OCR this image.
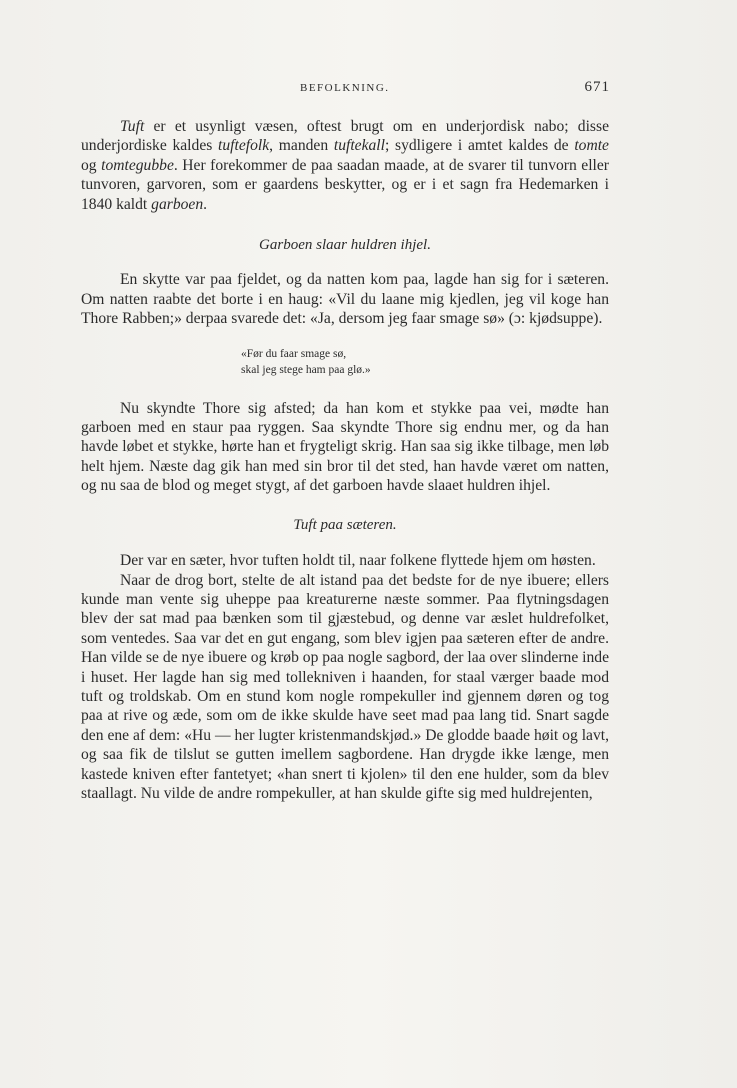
BEFOLKNING.	671

Tuft er et usynligt væsen, oftest brugt om en underjordisk nabo; disse underjordiske kaldes tuftefolk, manden tuftekall; sydligere i amtet kaldes de tomte og tomtegubbe. Her forekommer de paa saadan maade, at de svarer til tunvorn eller tunvoren, garvoren, som er gaardens beskytter, og er i et sagn fra Hedemarken i 1840 kaldt garboen.

Garboen slaar huldren ihjel.

En skytte var paa fjeldet, og da natten kom paa, lagde han sig for i sæteren. Om natten raabte det borte i en haug: «Vil du laane mig kjedlen, jeg vil koge han Thore Rabben;» derpaa svarede det: «Ja, dersom jeg faar smage sø» (ɔ: kjødsuppe).

«Før du faar smage sø,
skal jeg stege ham paa glø.»

Nu skyndte Thore sig afsted; da han kom et stykke paa vei, mødte han garboen med en staur paa ryggen. Saa skyndte Thore sig endnu mer, og da han havde løbet et stykke, hørte han et frygteligt skrig. Han saa sig ikke tilbage, men løb helt hjem. Næste dag gik han med sin bror til det sted, han havde været om natten, og nu saa de blod og meget stygt, af det garboen havde slaaet huldren ihjel.

Tuft paa sæteren.

Der var en sæter, hvor tuften holdt til, naar folkene flyttede hjem om høsten.

Naar de drog bort, stelte de alt istand paa det bedste for de nye ibuere; ellers kunde man vente sig uheppe paa kreaturerne næste sommer. Paa flytningsdagen blev der sat mad paa bænken som til gjæstebud, og denne var æslet huldrefolket, som ventedes. Saa var det en gut engang, som blev igjen paa sæteren efter de andre. Han vilde se de nye ibuere og krøb op paa nogle sagbord, der laa over slinderne inde i huset. Her lagde han sig med tollekniven i haanden, for staal værger baade mod tuft og troldskab. Om en stund kom nogle rompekuller ind gjennem døren og tog paa at rive og æde, som om de ikke skulde have seet mad paa lang tid. Snart sagde den ene af dem: «Hu — her lugter kristenmandskjød.» De glodde baade høit og lavt, og saa fik de tilslut se gutten imellem sagbordene. Han drygde ikke længe, men kastede kniven efter fantetyet; «han snert ti kjolen» til den ene hulder, som da blev staallagt. Nu vilde de andre rompekuller, at han skulde gifte sig med huldrejenten,
